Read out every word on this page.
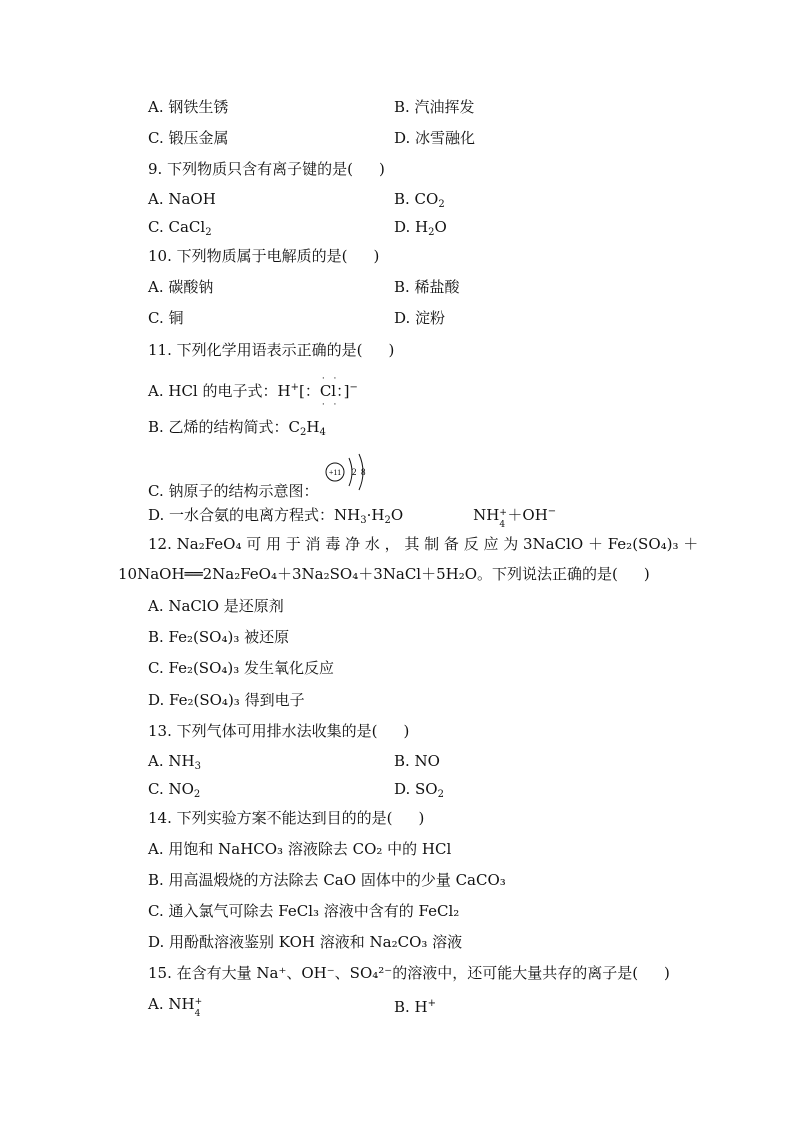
A. 钢铁生锈	B. 汽油挥发
C. 锻压金属	D. 冰雪融化
9. 下列物质只含有离子键的是( )
A. NaOH	B. $CO_2$
C. CaCl$_2$	D. $H_2O$
10. 下列物质属于电解质的是( )
A. 碳酸钠	B. 稀盐酸
C. 铜	D. 淀粉
11. 下列化学用语表示正确的是( )
A. HCl 的电子式：H+[：
· ·
Cl
· ·
：]−
B. 乙烯的结构简式：$C_2H_4$
C. 钠原子的结构示意图：
+11 2 8
D. 一水合氨的电离方程式：$NH_3\cdot H_2O$	NH +
4
＋OH−
12. Na₂FeO₄ 可 用 于 消 毒 净 水 ， 其 制 备 反 应 为 3NaClO ＋ Fe₂(SO₄)₃ ＋
10NaOH══2Na₂FeO₄＋3Na₂SO₄＋3NaCl＋5H₂O。下列说法正确的是( )
A. NaClO 是还原剂
B. Fe₂(SO₄)₃ 被还原
C. Fe₂(SO₄)₃ 发生氧化反应
D. Fe₂(SO₄)₃ 得到电子
13. 下列气体可用排水法收集的是( )
A. $NH_3$	B. NO
C. $NO_2$	D. $SO_2$
14. 下列实验方案不能达到目的的是( )
A. 用饱和 NaHCO₃ 溶液除去 CO₂ 中的 HCl
B. 用高温煅烧的方法除去 CaO 固体中的少量 CaCO₃
C. 通入氯气可除去 FeCl₃ 溶液中含有的 FeCl₂
D. 用酚酞溶液鉴别 KOH 溶液和 Na₂CO₃ 溶液
15. 在含有大量 Na⁺、OH⁻、SO₄²⁻的溶液中，还可能大量共存的离子是( )
A. NH +
4	B. H+
